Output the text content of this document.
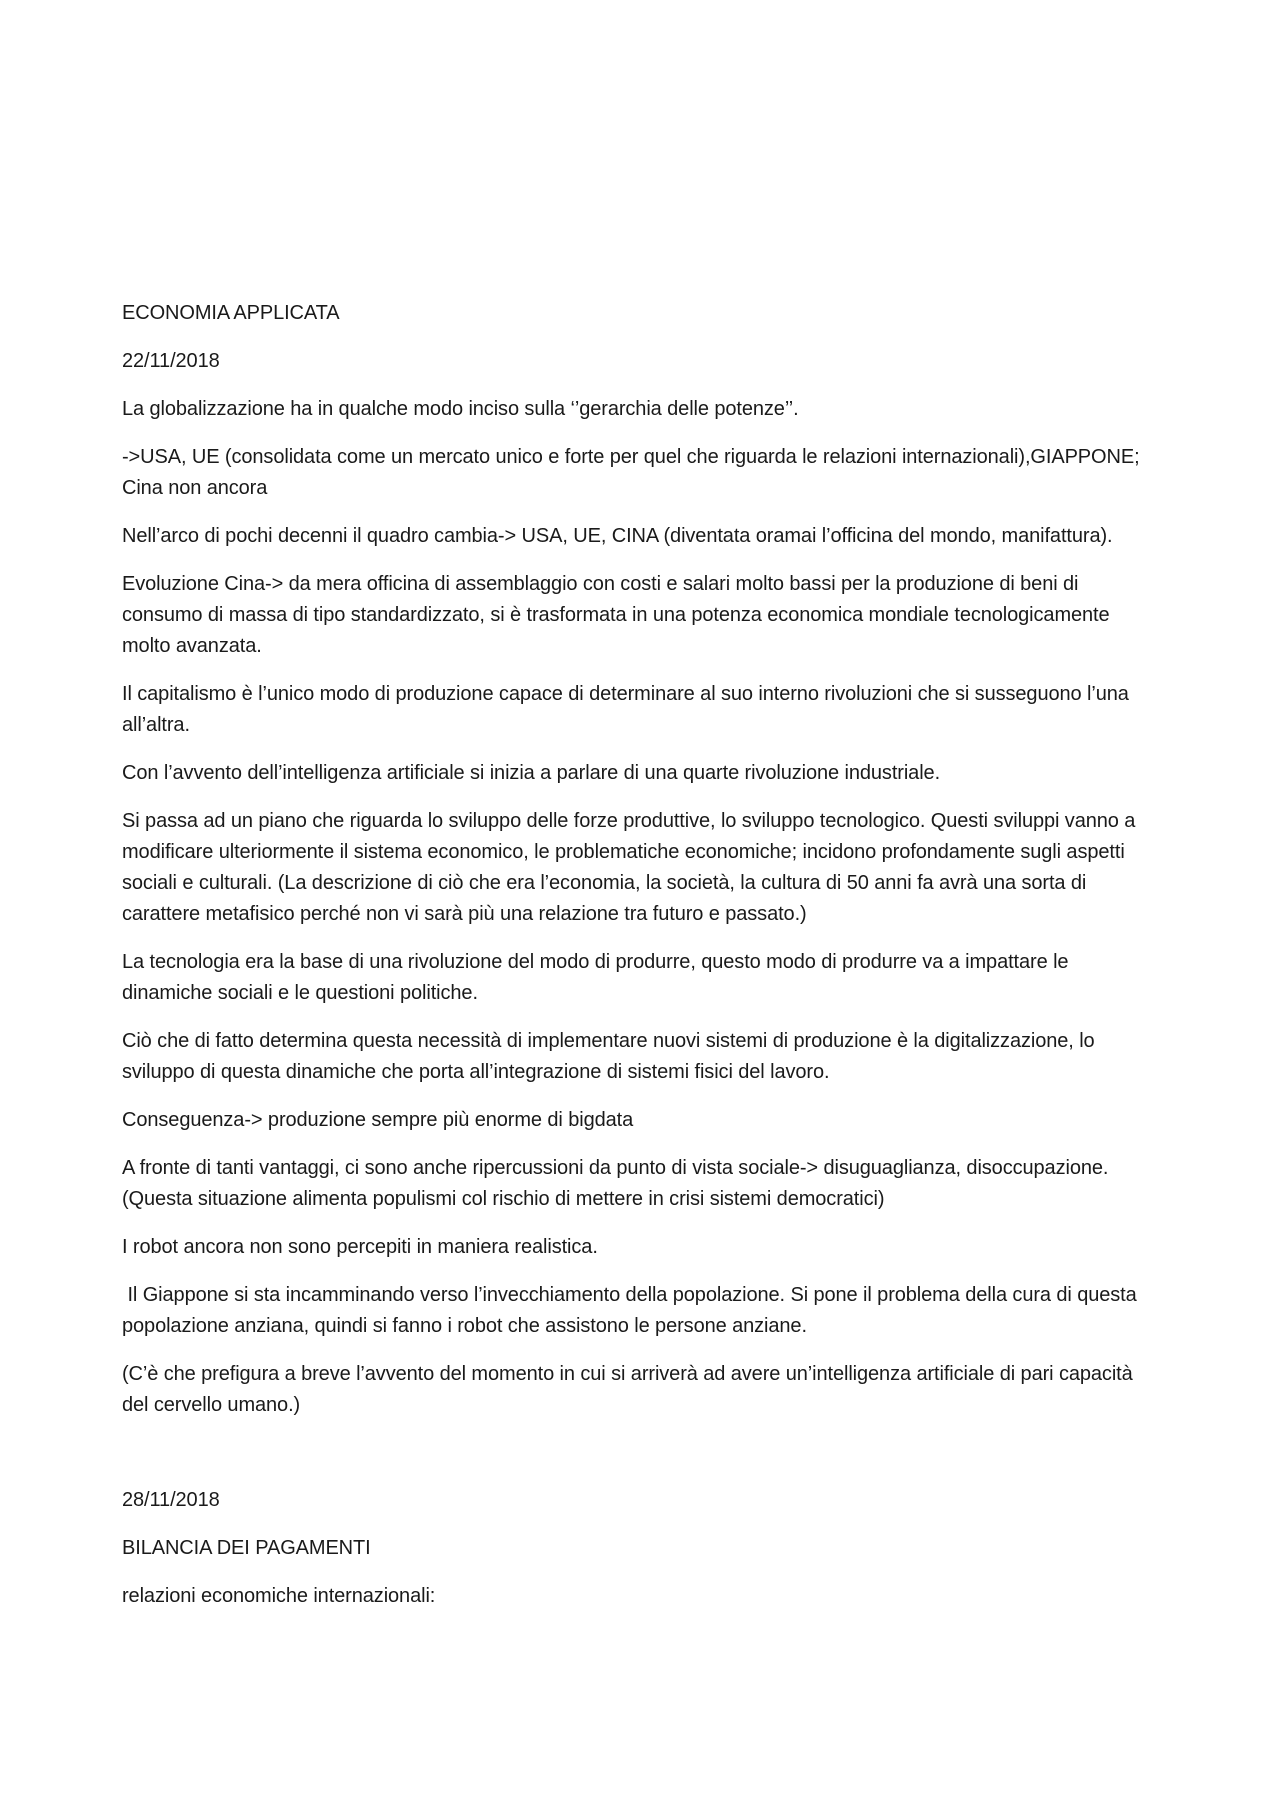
ECONOMIA APPLICATA

22/11/2018

La globalizzazione ha in qualche modo inciso sulla ‘’gerarchia delle potenze’’.

->USA, UE (consolidata come un mercato unico e forte per quel che riguarda le relazioni internazionali),GIAPPONE; Cina non ancora

Nell’arco di pochi decenni il quadro cambia-> USA, UE, CINA (diventata oramai l’officina del mondo, manifattura).

Evoluzione Cina-> da mera officina di assemblaggio con costi e salari molto bassi per la produzione di beni di consumo di massa di tipo standardizzato, si è trasformata in una potenza economica mondiale tecnologicamente molto avanzata.

Il capitalismo è l’unico modo di produzione capace di determinare al suo interno rivoluzioni che si susseguono l’una all’altra.

Con l’avvento dell’intelligenza artificiale si inizia a parlare di una quarte rivoluzione industriale.

Si passa ad un piano che riguarda lo sviluppo delle forze produttive, lo sviluppo tecnologico. Questi sviluppi vanno a modificare ulteriormente il sistema economico, le problematiche economiche; incidono profondamente sugli aspetti sociali e culturali. (La descrizione di ciò che era l’economia, la società, la cultura di 50 anni fa avrà una sorta di carattere metafisico perché non vi sarà più una relazione tra futuro e passato.)

La tecnologia era la base di una rivoluzione del modo di produrre, questo modo di produrre va a impattare le dinamiche sociali e le questioni politiche.

Ciò che di fatto determina questa necessità di implementare nuovi sistemi di produzione è la digitalizzazione, lo sviluppo di questa dinamiche che porta all’integrazione di sistemi fisici del lavoro.

Conseguenza-> produzione sempre più enorme di bigdata

A fronte di tanti vantaggi, ci sono anche ripercussioni da punto di vista sociale-> disuguaglianza, disoccupazione. (Questa situazione alimenta populismi col rischio di mettere in crisi sistemi democratici)

I robot ancora non sono percepiti in maniera realistica.

Il Giappone si sta incamminando verso l’invecchiamento della popolazione. Si pone il problema della cura di questa popolazione anziana, quindi si fanno i robot che assistono le persone anziane.

(C’è che prefigura a breve l’avvento del momento in cui si arriverà ad avere un’intelligenza artificiale di pari capacità del cervello umano.)

28/11/2018

BILANCIA DEI PAGAMENTI

relazioni economiche internazionali:
